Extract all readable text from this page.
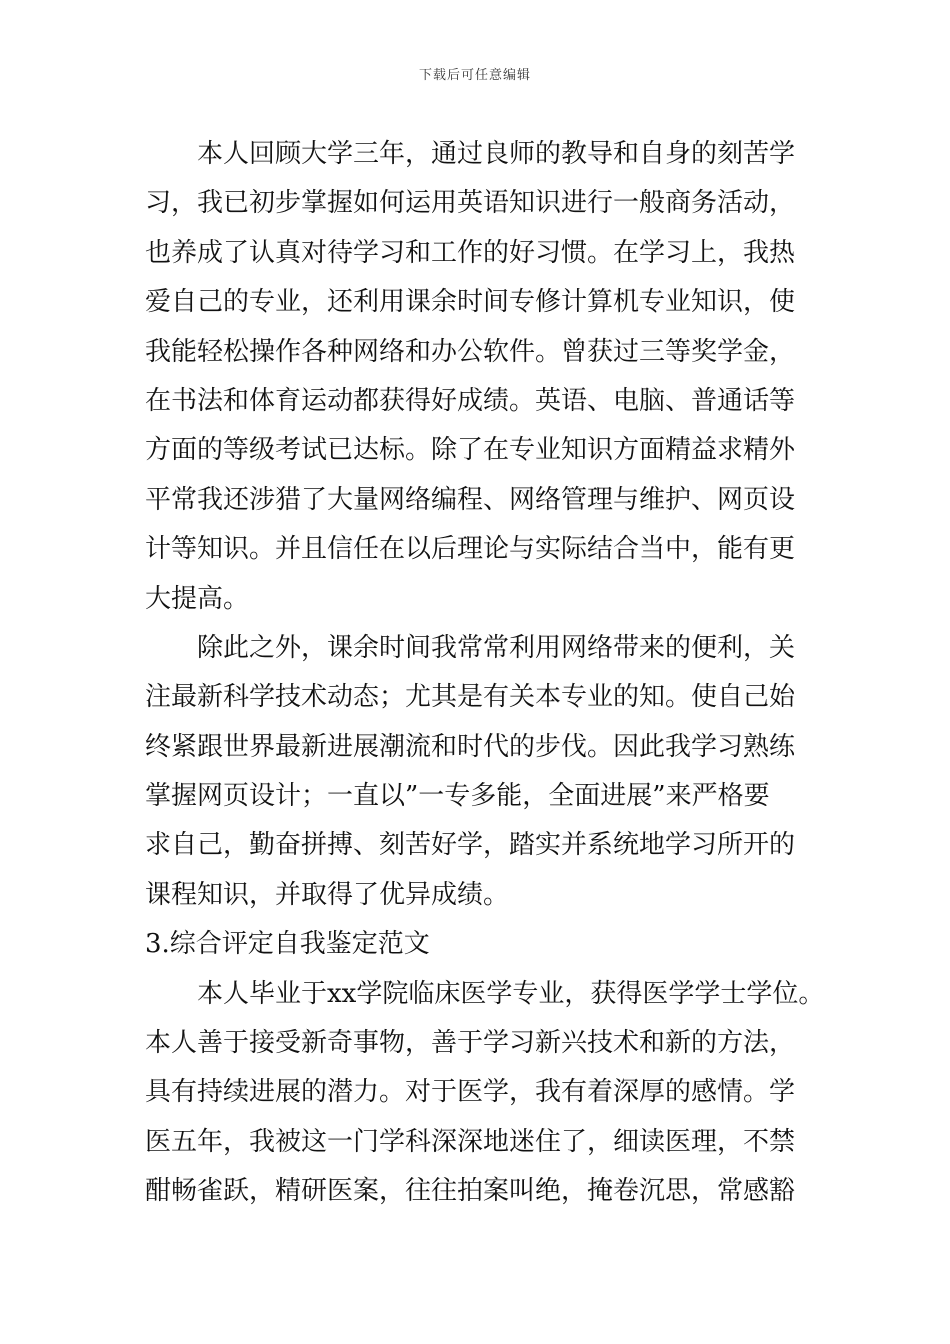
下载后可任意编辑
本人回顾大学三年，通过良师的教导和自身的刻苦学
习，我已初步掌握如何运用英语知识进行一般商务活动，
也养成了认真对待学习和工作的好习惯。在学习上，我热
爱自己的专业，还利用课余时间专修计算机专业知识，使
我能轻松操作各种网络和办公软件。曾获过三等奖学金，
在书法和体育运动都获得好成绩。英语、电脑、普通话等
方面的等级考试已达标。除了在专业知识方面精益求精外
平常我还涉猎了大量网络编程、网络管理与维护、网页设
计等知识。并且信任在以后理论与实际结合当中，能有更
大提高。
除此之外，课余时间我常常利用网络带来的便利，关
注最新科学技术动态；尤其是有关本专业的知。使自己始
终紧跟世界最新进展潮流和时代的步伐。因此我学习熟练
掌握网页设计；一直以”一专多能，全面进展”来严格要
求自己，勤奋拼搏、刻苦好学，踏实并系统地学习所开的
课程知识，并取得了优异成绩。
3.综合评定自我鉴定范文
本人毕业于xx学院临床医学专业，获得医学学士学位。
本人善于接受新奇事物，善于学习新兴技术和新的方法，
具有持续进展的潜力。对于医学，我有着深厚的感情。学
医五年，我被这一门学科深深地迷住了，细读医理，不禁
酣畅雀跃，精研医案，往往拍案叫绝，掩卷沉思，常感豁
